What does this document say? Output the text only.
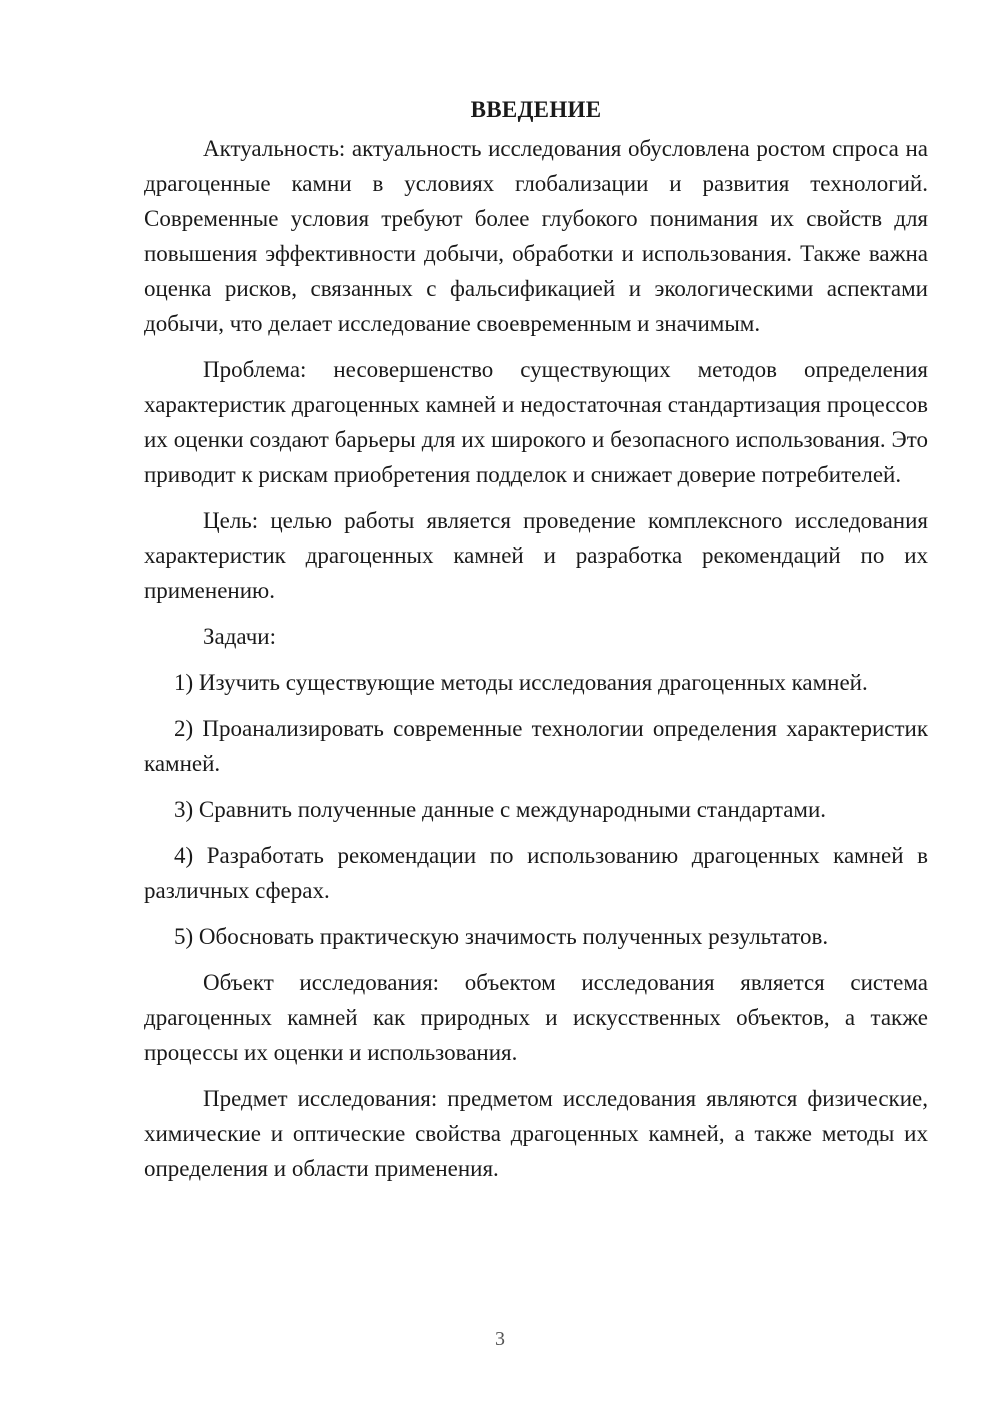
ВВЕДЕНИЕ

Актуальность: актуальность исследования обусловлена ростом спроса на драгоценные камни в условиях глобализации и развития технологий. Современные условия требуют более глубокого понимания их свойств для повышения эффективности добычи, обработки и использования. Также важна оценка рисков, связанных с фальсификацией и экологическими аспектами добычи, что делает исследование своевременным и значимым.

Проблема: несовершенство существующих методов определения характеристик драгоценных камней и недостаточная стандартизация процессов их оценки создают барьеры для их широкого и безопасного использования. Это приводит к рискам приобретения подделок и снижает доверие потребителей.

Цель: целью работы является проведение комплексного исследования характеристик драгоценных камней и разработка рекомендаций по их применению.

Задачи:

1) Изучить существующие методы исследования драгоценных камней.

2) Проанализировать современные технологии определения характеристик камней.

3) Сравнить полученные данные с международными стандартами.

4) Разработать рекомендации по использованию драгоценных камней в различных сферах.

5) Обосновать практическую значимость полученных результатов.

Объект исследования: объектом исследования является система драгоценных камней как природных и искусственных объектов, а также процессы их оценки и использования.

Предмет исследования: предметом исследования являются физические, химические и оптические свойства драгоценных камней, а также методы их определения и области применения.

3
